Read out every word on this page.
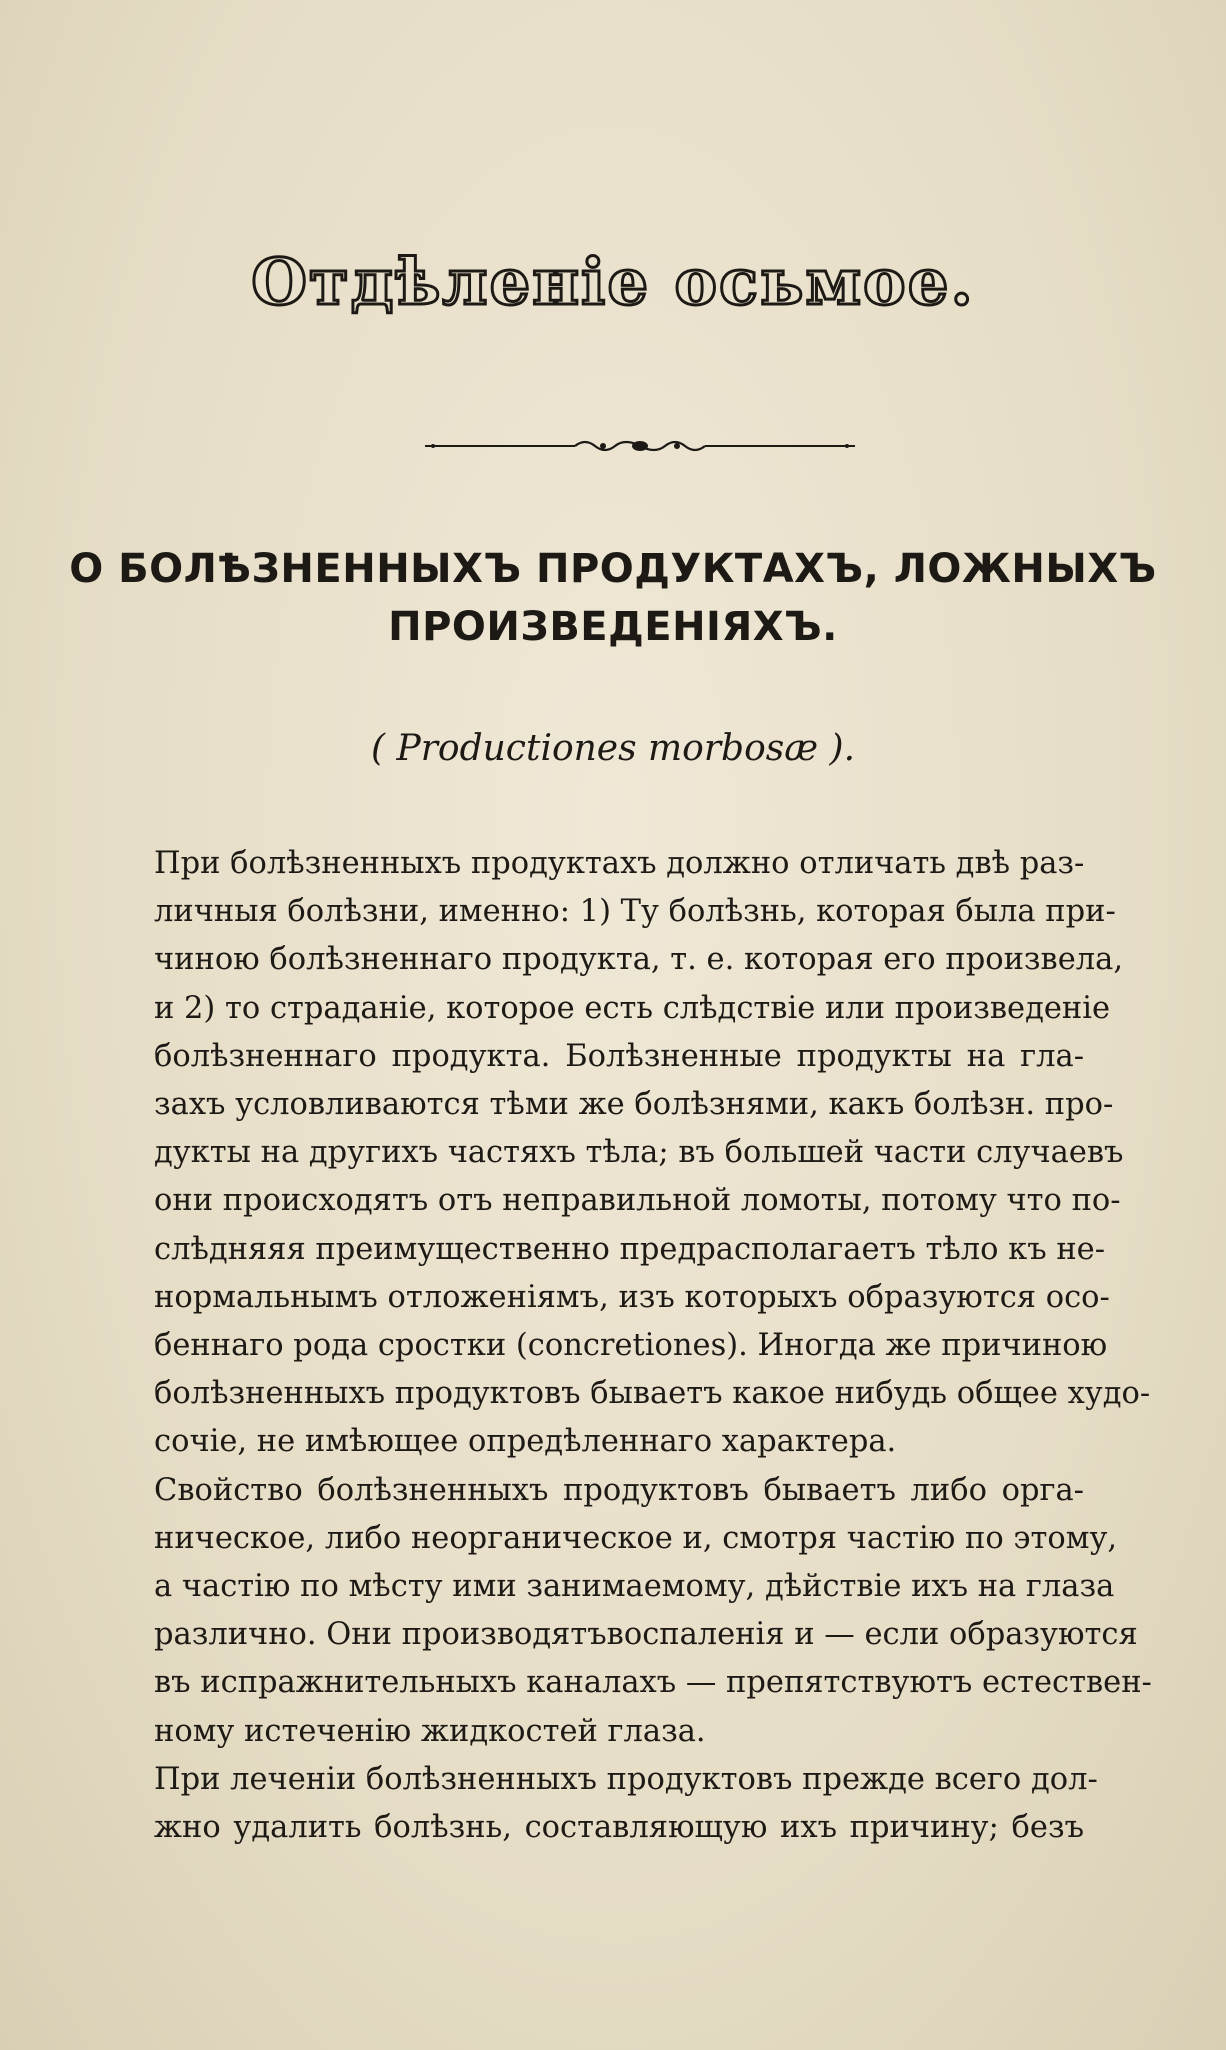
Отдѣленіе осьмое.
О БОЛѢЗНЕННЫХЪ ПРОДУКТАХЪ, ЛОЖНЫХЪ
ПРОИЗВЕДЕНІЯХЪ.
( Productiones morbosæ ).
При болѣзненныхъ продуктахъ должно отличать двѣ раз-
личныя болѣзни, именно: 1) Ту болѣзнь, которая была при-
чиною болѣзненнаго продукта, т. е. которая его произвела,
и 2) то страданіе, которое есть слѣдствіе или произведеніе
болѣзненнаго продукта. Болѣзненные продукты на гла-
захъ условливаются тѣми же болѣзнями, какъ болѣзн. про-
дукты на другихъ частяхъ тѣла; въ большей части случаевъ
они происходятъ отъ неправильной ломоты, потому что по-
слѣдняяя преимущественно предрасполагаетъ тѣло къ не-
нормальнымъ отложеніямъ, изъ которыхъ образуются осо-
беннаго рода сростки (concretiones). Иногда же причиною
болѣзненныхъ продуктовъ бываетъ какое нибудь общее худо-
сочіе, не имѣющее опредѣленнаго характера.
Свойство болѣзненныхъ продуктовъ бываетъ либо орга-
ническое, либо неорганическое и, смотря частію по этому,
а частію по мѣсту ими занимаемому, дѣйствіе ихъ на глаза
различно. Они производятъвоспаленія и — если образуются
въ испражнительныхъ каналахъ — препятствуютъ естествен-
ному истеченію жидкостей глаза.
При леченіи болѣзненныхъ продуктовъ прежде всего дол-
жно удалить болѣзнь, составляющую ихъ причину; безъ
